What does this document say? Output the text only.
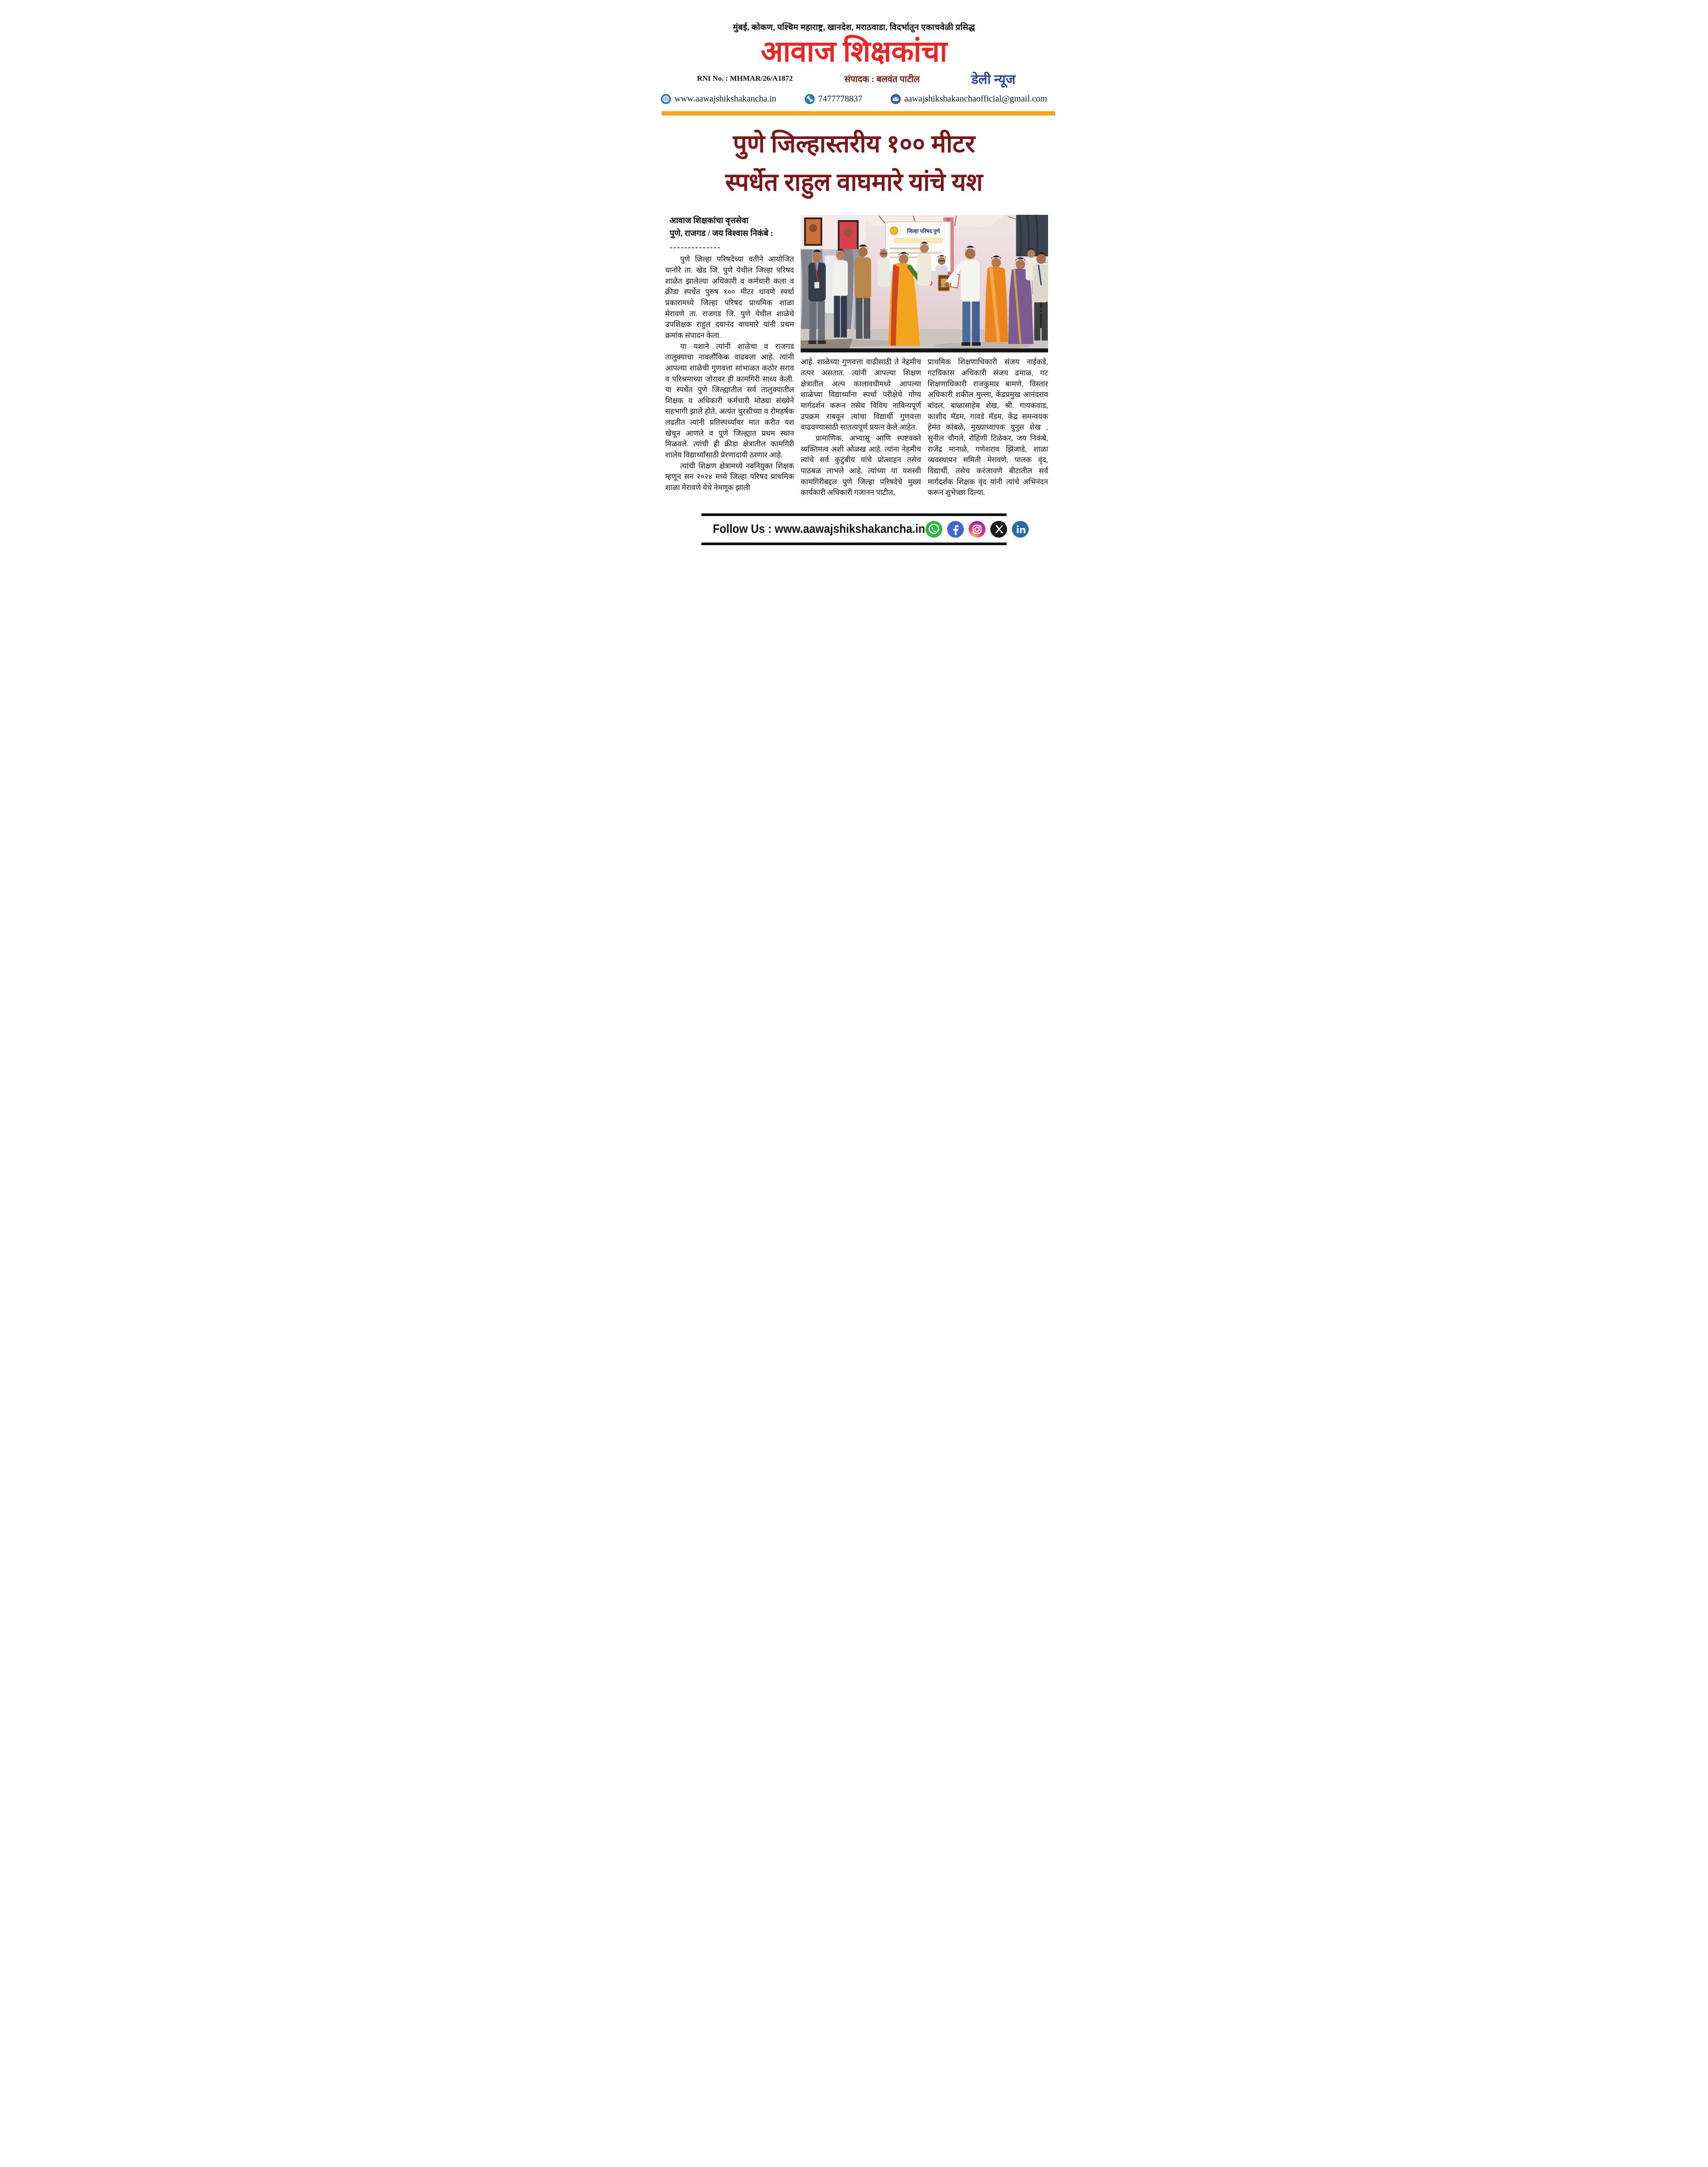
मुंबई, कोकण, पश्चिम महाराष्ट्र, खानदेश, मराठवाडा, विदर्भातून एकाचवेळी प्रसिद्ध
आवाज शिक्षकांचा
RNI No. : MHMAR/26/A1872	संपादक : बलवंत पाटील	डेली न्यूज
www.aawajshikshakancha.in	7477778837	aawajshikshakanchaofficial@gmail.com
पुणे जिल्हास्तरीय १०० मीटर
स्पर्धेत राहुल वाघमारे यांचे यश
आवाज शिक्षकांचा वृत्तसेवा
पुणे, राजगड / जय विश्वास निकंबे :
--------------

पुणे जिल्हा परिषदेच्या वतीने आयोजित धानोरे ता. खेड जि. पुणे येथील जिल्हा परिषद शाळेत झालेल्या अधिकारी व कर्मचारी कला व क्रीडा स्पर्धेत पुरुष १०० मीटर धावणे स्पर्धा प्रकारामध्ये जिल्हा परिषद प्राथमिक शाळा मेरावणे ता. राजगड जि. पुणे येथील शाळेचे उपशिक्षक राहुल दयानंद वाघमारे यांनी प्रथम क्रमांक संपादन केला.

या यशाने त्यांनी शाळेचा व राजगड तालुक्याचा नावलौकिक वाढवला आहे. त्यांनी आपल्या शाळेची गुणवत्ता सांभाळत कठोर सराव व परिश्रमाच्या जोरावर ही कामगिरी साध्य केली. या स्पर्धेत पुणे जिल्ह्यातील सर्व तालुक्यातील शिक्षक व अधिकारी कर्मचारी मोठ्या संख्येने सहभागी झाले होते. अत्यंत चुरशीच्या व रोमहर्षक लढतीत त्यांनी प्रतिस्पर्ध्यांवर मात करीत यश खेचून आणले व पुणे जिल्ह्यात प्रथम स्थान मिळवले. त्यांची ही क्रीडा क्षेत्रातील कामगिरी शालेय विद्यार्थ्यांसाठी प्रेरणादायी ठरणार आहे.

त्यांची शिक्षण क्षेत्रामध्ये नवनियुक्त शिक्षक म्हणून सन २०२४ मध्ये जिल्हा परिषद प्राथमिक शाळा मेरावणे येथे नेमणूक झाली

जिल्हा परिषद पुणे

आहे. शाळेच्या गुणवत्ता वाढीसाठी ते नेहमीच तत्पर असतात. त्यांनी आपल्या शिक्षण क्षेत्रातील अल्प कालावधीमध्ये आपल्या शाळेच्या विद्यार्थ्यांना स्पर्धा परीक्षेचे योग्य मार्गदर्शन करून तसेच विविध नाविन्यपूर्ण उपक्रम राबवून त्यांचा विद्यार्थी गुणवत्ता वाढवण्यासाठी सातत्यपूर्ण प्रयत्न केले आहेत.

प्रामाणिक, अभ्यासू आणि स्पष्टवक्ते व्यक्तिमत्व अशी ओळख आहे. त्यांना नेहमीच त्यांचे सर्व कुटुंबीय यांचे प्रोत्साहन तसेच पाठबळ लाभले आहे. त्यांच्या या यशस्वी कामगिरीबद्दल पुणे जिल्हा परिषदेचे मुख्य कार्यकारी अधिकारी गजानन पाटील,

प्राथमिक शिक्षणाधिकारी संजय नाईकडे, गटविकास अधिकारी संजय ढमाळ, गट शिक्षणाधिकारी राजकुमार बामणे, विस्तार अधिकारी शकील मुल्ला, केंद्रप्रमुख आनंदराव बांदल, बाळासाहेब शेख, श्री. गायकवाड, काशीद मॅडम, गावडे मॅडम, केंद्र समन्वयक हेमंत कांबळे, मुख्याध्यापक युनुस शेख , सुनील चौगले, रोहिणी टिळेकर, जय निकंबे, राजेंद्र मानाळे, गणेशराव झिंजाडे, शाळा व्यवस्थापन समिती मेरावणे, पालक वृंद, विद्यार्थी, तसेच करंजावणे बीटातील सर्व मार्गदर्शक शिक्षक वृंद यांनी त्यांचे अभिनंदन करून शुभेच्छा दिल्या.

Follow Us : www.aawajshikshakancha.in
